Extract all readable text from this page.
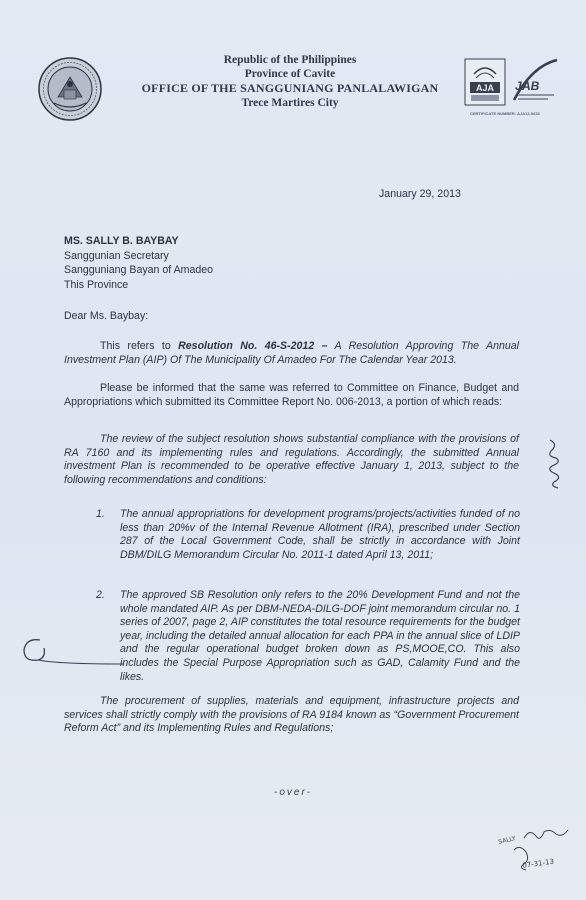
Republic of the Philippines
Province of Cavite
OFFICE OF THE SANGGUNIANG PANLALAWIGAN
Trece Martires City
AJA J AB
CERTIFICATE NUMBER: AJA12-0026
January 29, 2013
MS. SALLY B. BAYBAY
Sanggunian Secretary
Sangguniang Bayan of Amadeo
This Province
Dear Ms. Baybay:
This refers to Resolution No. 46-S-2012 – A Resolution Approving The Annual Investment Plan (AIP) Of The Municipality Of Amadeo For The Calendar Year 2013.
Please be informed that the same was referred to Committee on Finance, Budget and Appropriations which submitted its Committee Report No. 006-2013, a portion of which reads:
The review of the subject resolution shows substantial compliance with the provisions of RA 7160 and its implementing rules and regulations. Accordingly, the submitted Annual investment Plan is recommended to be operative effective January 1, 2013, subject to the following recommendations and conditions:
1. The annual appropriations for development programs/projects/activities funded of no less than 20%v of the Internal Revenue Allotment (IRA), prescribed under Section 287 of the Local Government Code, shall be strictly in accordance with Joint DBM/DILG Memorandum Circular No. 2011-1 dated April 13, 2011;
2. The approved SB Resolution only refers to the 20% Development Fund and not the whole mandated AIP. As per DBM-NEDA-DILG-DOF joint memorandum circular no. 1 series of 2007, page 2, AIP constitutes the total resource requirements for the budget year, including the detailed annual allocation for each PPA in the annual slice of LDIP and the regular operational budget broken down as PS,MOOE,CO. This also includes the Special Purpose Appropriation such as GAD, Calamity Fund and the likes.
The procurement of supplies, materials and equipment, infrastructure projects and services shall strictly comply with the provisions of RA 9184 known as “Government Procurement Reform Act” and its Implementing Rules and Regulations;
-over-
SALLY
07-31-13
